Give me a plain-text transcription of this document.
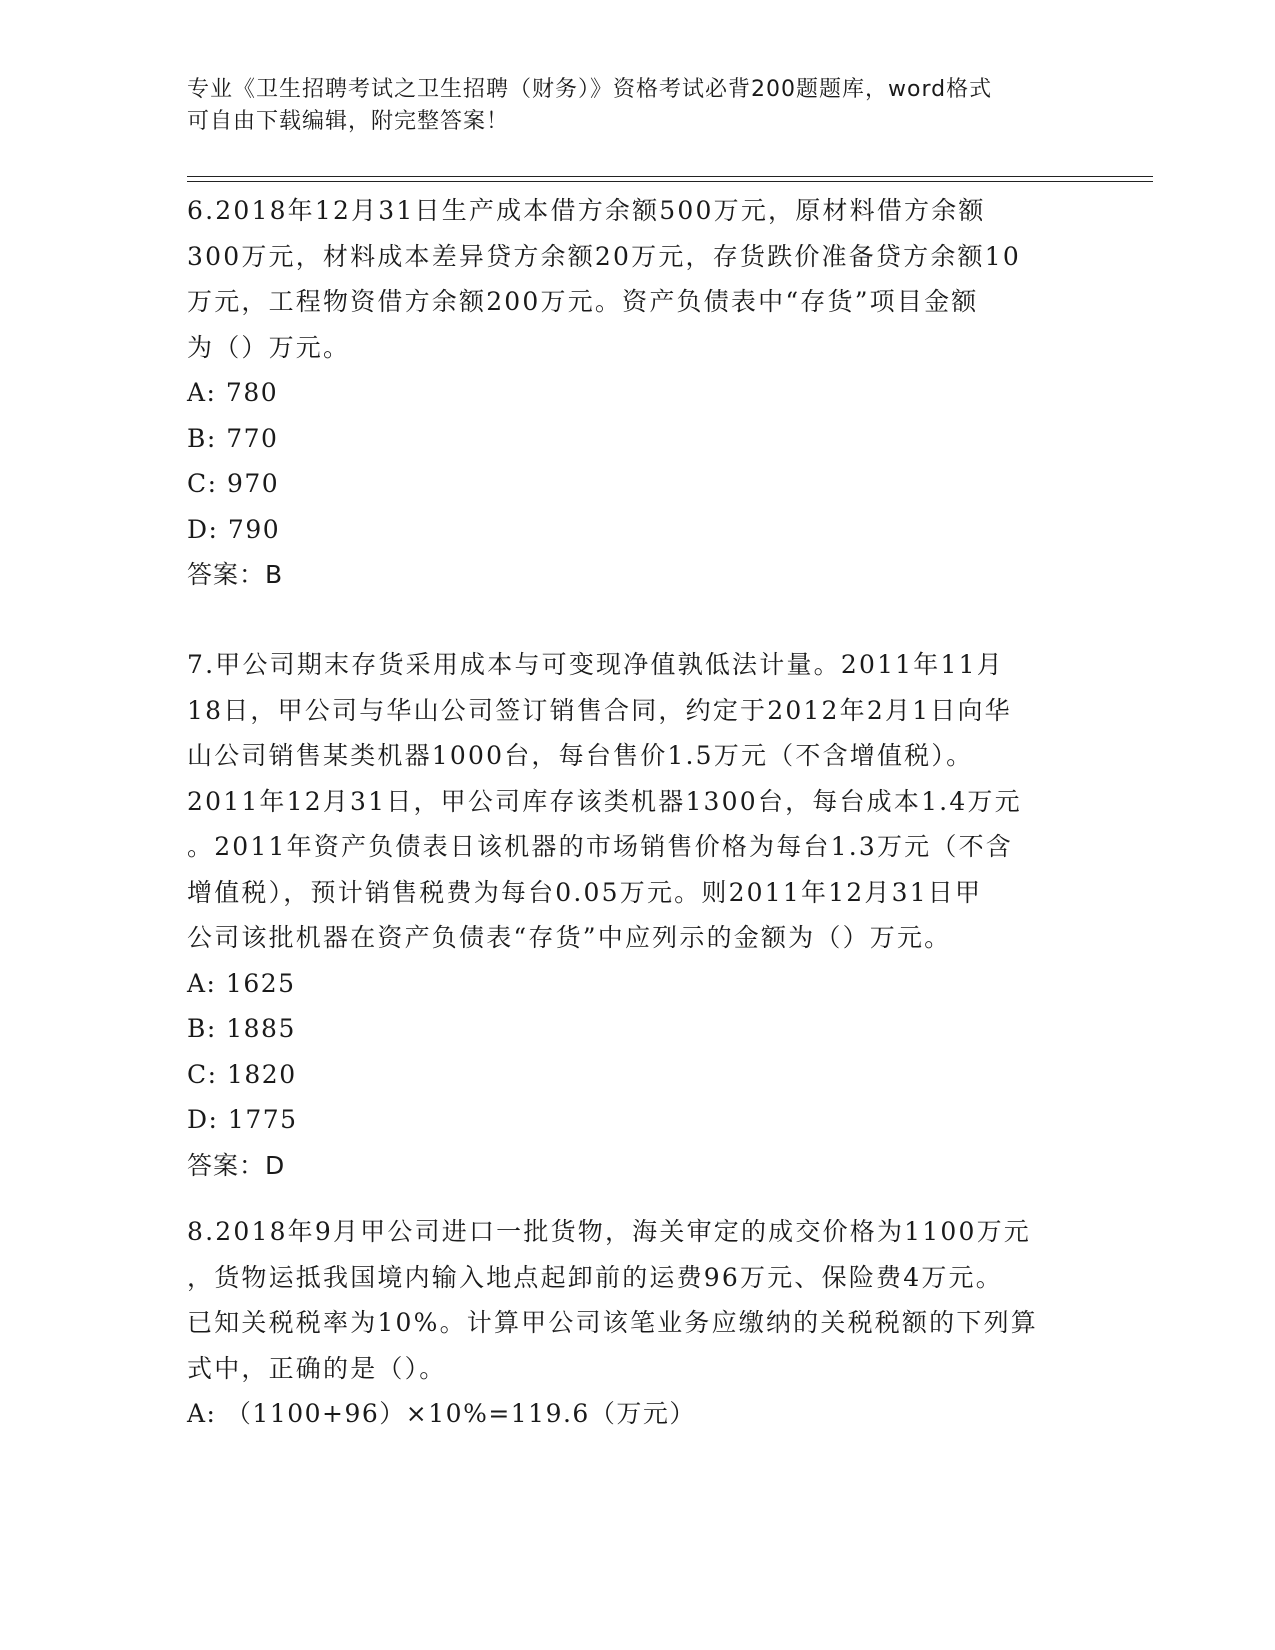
专业《卫生招聘考试之卫生招聘（财务）》资格考试必背200题题库，word格式
可自由下载编辑，附完整答案！
6.2018年12月31日生产成本借方余额500万元，原材料借方余额
300万元，材料成本差异贷方余额20万元，存货跌价准备贷方余额10
万元，工程物资借方余额200万元。资产负债表中“存货”项目金额
为（）万元。
A: 780
B: 770
C: 970
D: 790
答案：B
7.甲公司期末存货采用成本与可变现净值孰低法计量。2011年11月
18日，甲公司与华山公司签订销售合同，约定于2012年2月1日向华
山公司销售某类机器1000台，每台售价1.5万元（不含增值税）。
2011年12月31日，甲公司库存该类机器1300台，每台成本1.4万元
。2011年资产负债表日该机器的市场销售价格为每台1.3万元（不含
增值税），预计销售税费为每台0.05万元。则2011年12月31日甲
公司该批机器在资产负债表“存货”中应列示的金额为（）万元。
A: 1625
B: 1885
C: 1820
D: 1775
答案：D
8.2018年9月甲公司进口一批货物，海关审定的成交价格为1100万元
，货物运抵我国境内输入地点起卸前的运费96万元、保险费4万元。
已知关税税率为10%。计算甲公司该笔业务应缴纳的关税税额的下列算
式中，正确的是（）。
A: （1100+96）×10%=119.6（万元）
